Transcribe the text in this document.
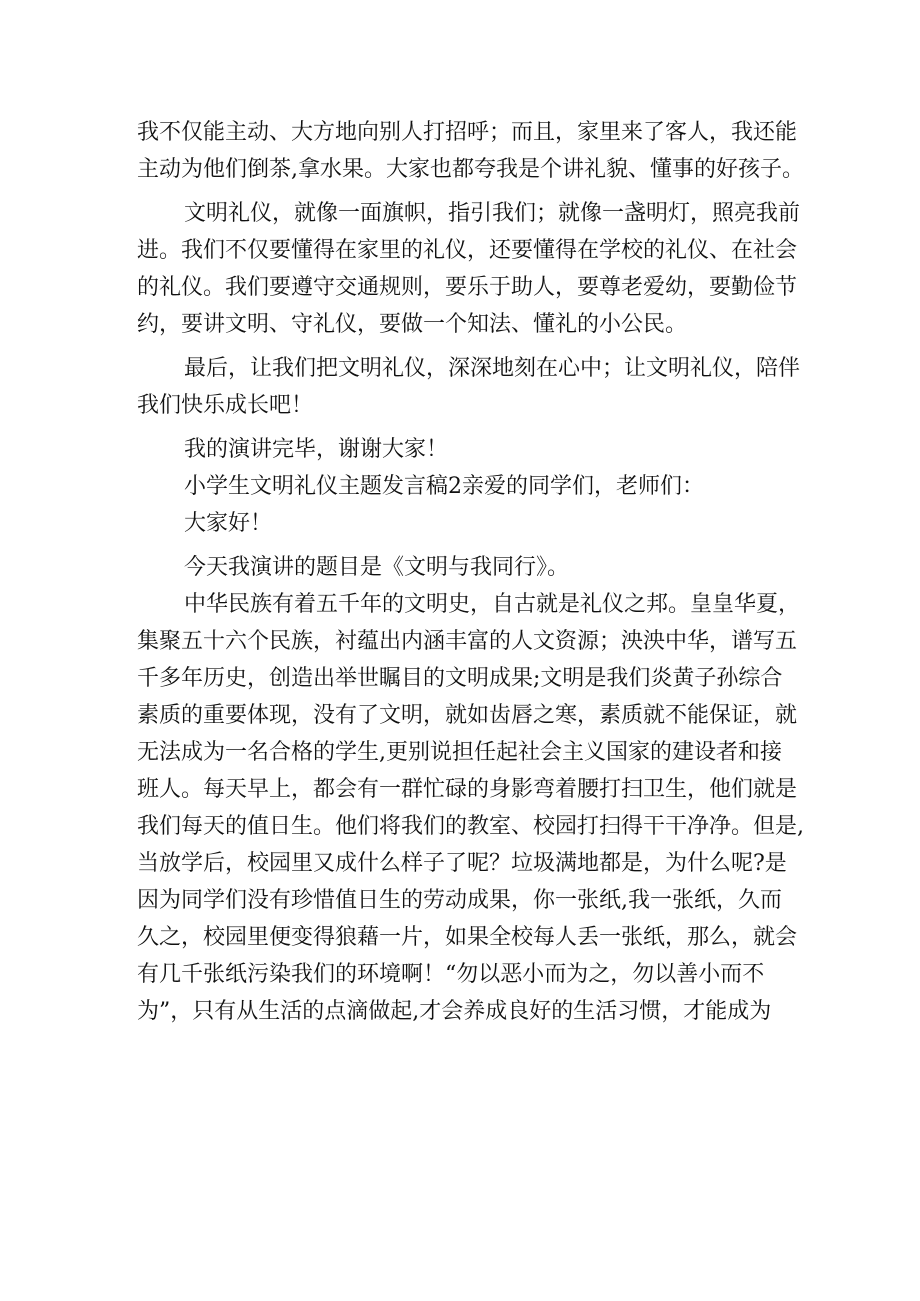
我不仅能主动、大方地向别人打招呼；而且，家里来了客人，我还能
主动为他们倒茶,拿水果。大家也都夸我是个讲礼貌、懂事的好孩子。
文明礼仪，就像一面旗帜，指引我们；就像一盏明灯，照亮我前
进。我们不仅要懂得在家里的礼仪，还要懂得在学校的礼仪、在社会
的礼仪。我们要遵守交通规则，要乐于助人，要尊老爱幼，要勤俭节
约，要讲文明、守礼仪，要做一个知法、懂礼的小公民。
最后，让我们把文明礼仪，深深地刻在心中；让文明礼仪，陪伴
我们快乐成长吧！
我的演讲完毕，谢谢大家！
小学生文明礼仪主题发言稿2亲爱的同学们，老师们：
大家好！
今天我演讲的题目是《文明与我同行》。
中华民族有着五千年的文明史，自古就是礼仪之邦。皇皇华夏，
集聚五十六个民族，衬蕴出内涵丰富的人文资源；泱泱中华，谱写五
千多年历史，创造出举世瞩目的文明成果;文明是我们炎黄子孙综合
素质的重要体现，没有了文明，就如齿唇之寒，素质就不能保证，就
无法成为一名合格的学生,更别说担任起社会主义国家的建设者和接
班人。每天早上，都会有一群忙碌的身影弯着腰打扫卫生，他们就是
我们每天的值日生。他们将我们的教室、校园打扫得干干净净。但是,
当放学后，校园里又成什么样子了呢？垃圾满地都是，为什么呢?是
因为同学们没有珍惜值日生的劳动成果，你一张纸,我一张纸，久而
久之，校园里便变得狼藉一片，如果全校每人丢一张纸，那么，就会
有几千张纸污染我们的环境啊！“勿以恶小而为之，勿以善小而不
为”，只有从生活的点滴做起,才会养成良好的生活习惯，才能成为
